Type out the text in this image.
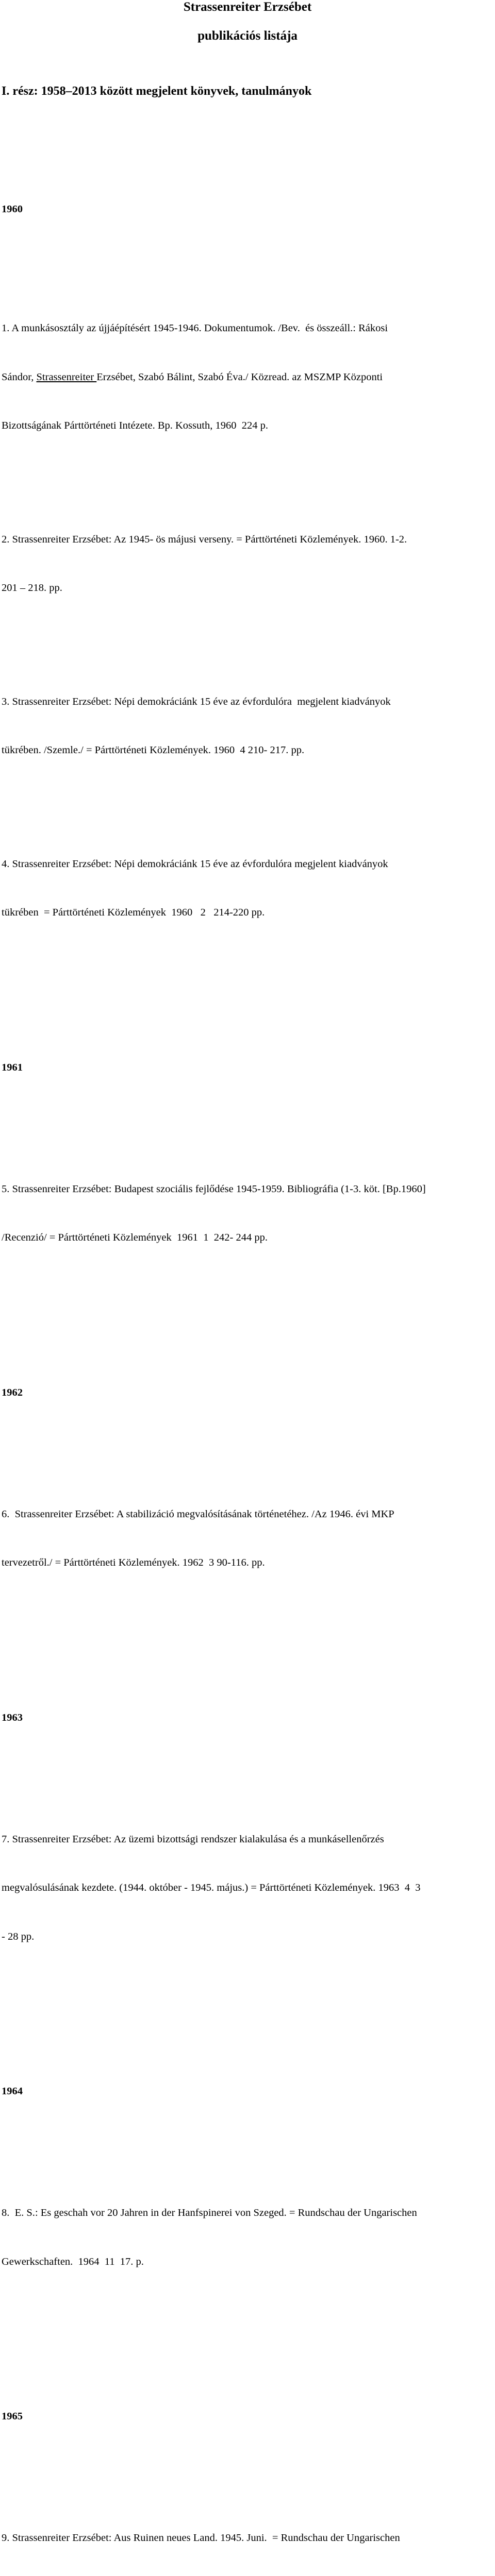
Strassenreiter Erzsébet

publikációs listája

I. rész: 1958–2013 között megjelent könyvek, tanulmányok

1960

1. A munkásosztály az újjáépítésért 1945-1946. Dokumentumok. /Bev.  és összeáll.: Rákosi

Sándor, Strassenreiter Erzsébet, Szabó Bálint, Szabó Éva./ Közread. az MSZMP Központi

Bizottságának Párttörténeti Intézete. Bp. Kossuth, 1960  224 p.

2. Strassenreiter Erzsébet: Az 1945- ös májusi verseny. = Párttörténeti Közlemények. 1960. 1-2.

201 – 218. pp.

3. Strassenreiter Erzsébet: Népi demokráciánk 15 éve az évfordulóra  megjelent kiadványok

tükrében. /Szemle./ = Párttörténeti Közlemények. 1960  4 210- 217. pp.

4. Strassenreiter Erzsébet: Népi demokráciánk 15 éve az évfordulóra megjelent kiadványok

tükrében  = Párttörténeti Közlemények  1960   2   214-220 pp.

1961

5. Strassenreiter Erzsébet: Budapest szociális fejlődése 1945-1959. Bibliográfia (1-3. köt. [Bp.1960]

/Recenzió/ = Párttörténeti Közlemények  1961  1  242- 244 pp.

1962

6.  Strassenreiter Erzsébet: A stabilizáció megvalósításának történetéhez. /Az 1946. évi MKP

tervezetről./ = Párttörténeti Közlemények. 1962  3 90-116. pp.

1963

7. Strassenreiter Erzsébet: Az üzemi bizottsági rendszer kialakulása és a munkásellenőrzés

megvalósulásának kezdete. (1944. október - 1945. május.) = Párttörténeti Közlemények. 1963  4  3

- 28 pp.

1964

8.  E. S.: Es geschah vor 20 Jahren in der Hanfspinerei von Szeged. = Rundschau der Ungarischen

Gewerkschaften.  1964  11  17. p.

1965

9. Strassenreiter Erzsébet: Aus Ruinen neues Land. 1945. Juni.  = Rundschau der Ungarischen
